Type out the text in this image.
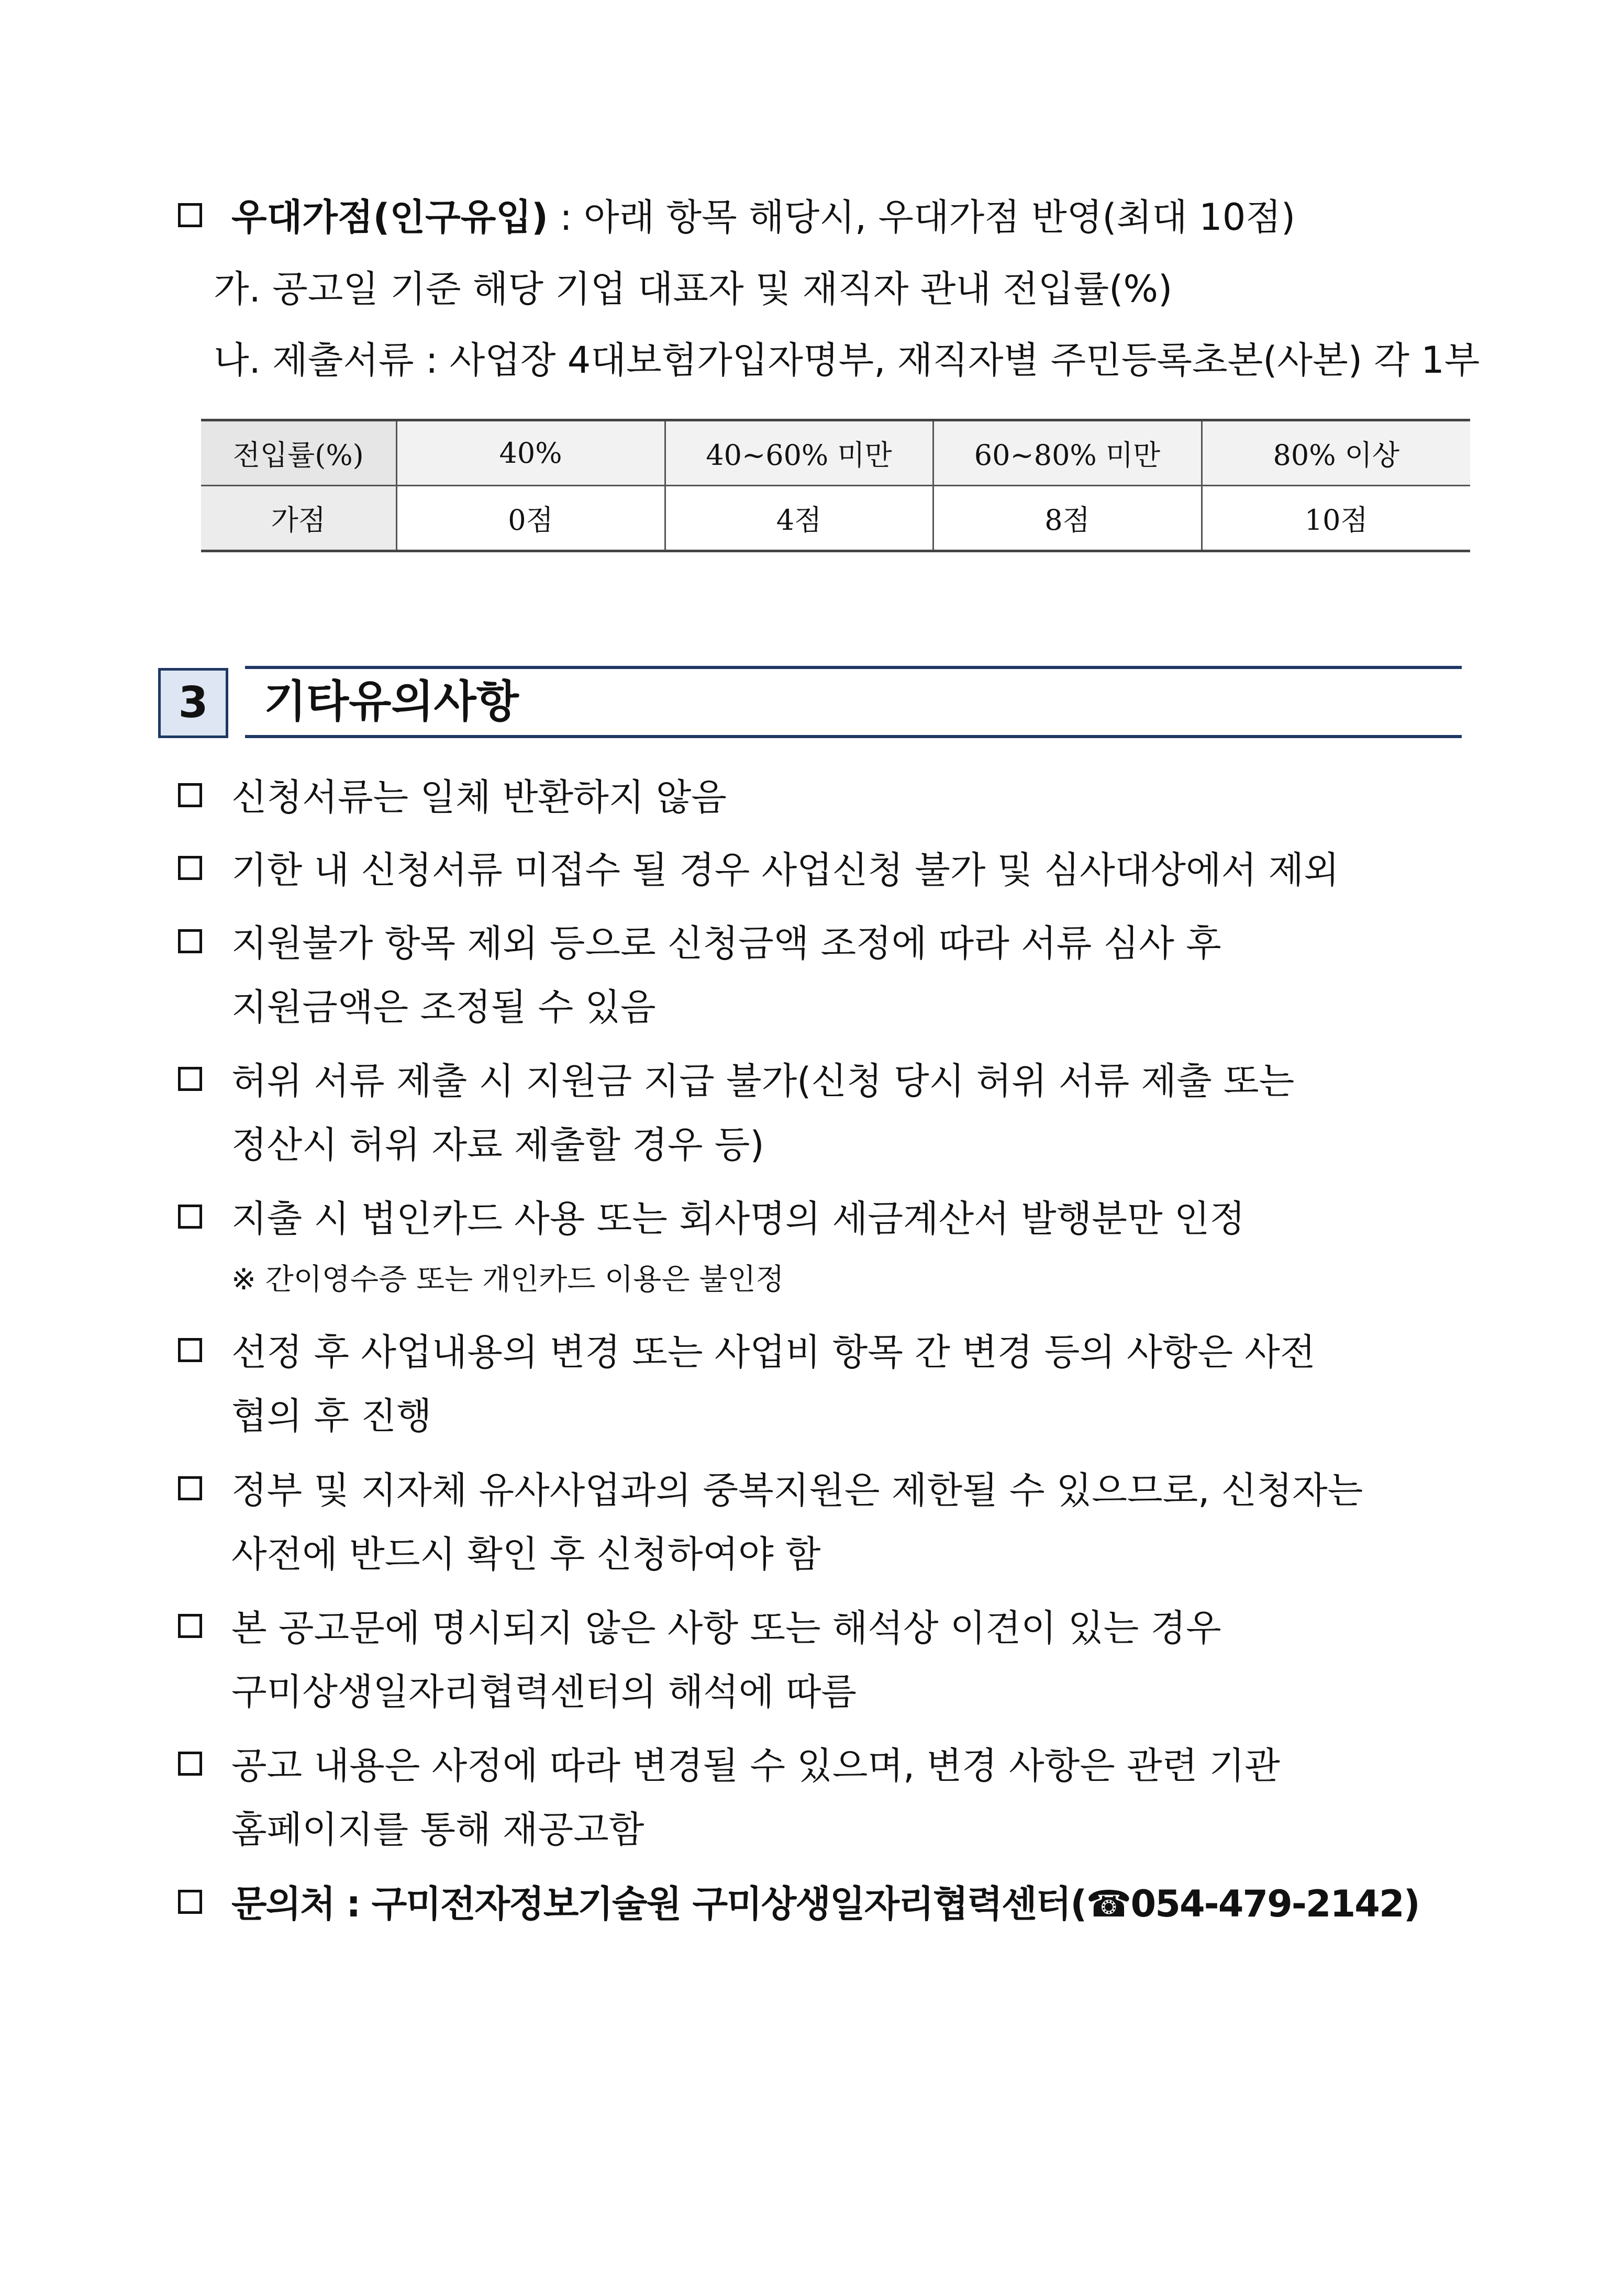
우대가점(인구유입) : 아래 항목 해당시, 우대가점 반영(최대 10점)
가. 공고일 기준 해당 기업 대표자 및 재직자 관내 전입률(%)
나. 제출서류 : 사업장 4대보험가입자명부, 재직자별 주민등록초본(사본) 각 1부
전입률(%)	40%	40~60% 미만	60~80% 미만	80% 이상
가점	0점	4점	8점	10점
3	기타유의사항
신청서류는 일체 반환하지 않음
기한 내 신청서류 미접수 될 경우 사업신청 불가 및 심사대상에서 제외
지원불가 항목 제외 등으로 신청금액 조정에 따라 서류 심사 후
지원금액은 조정될 수 있음
허위 서류 제출 시 지원금 지급 불가(신청 당시 허위 서류 제출 또는
정산시 허위 자료 제출할 경우 등)
지출 시 법인카드 사용 또는 회사명의 세금계산서 발행분만 인정
※ 간이영수증 또는 개인카드 이용은 불인정
선정 후 사업내용의 변경 또는 사업비 항목 간 변경 등의 사항은 사전
협의 후 진행
정부 및 지자체 유사사업과의 중복지원은 제한될 수 있으므로, 신청자는
사전에 반드시 확인 후 신청하여야 함
본 공고문에 명시되지 않은 사항 또는 해석상 이견이 있는 경우
구미상생일자리협력센터의 해석에 따름
공고 내용은 사정에 따라 변경될 수 있으며, 변경 사항은 관련 기관
홈페이지를 통해 재공고함
문의처 : 구미전자정보기술원 구미상생일자리협력센터(☎054-479-2142)
